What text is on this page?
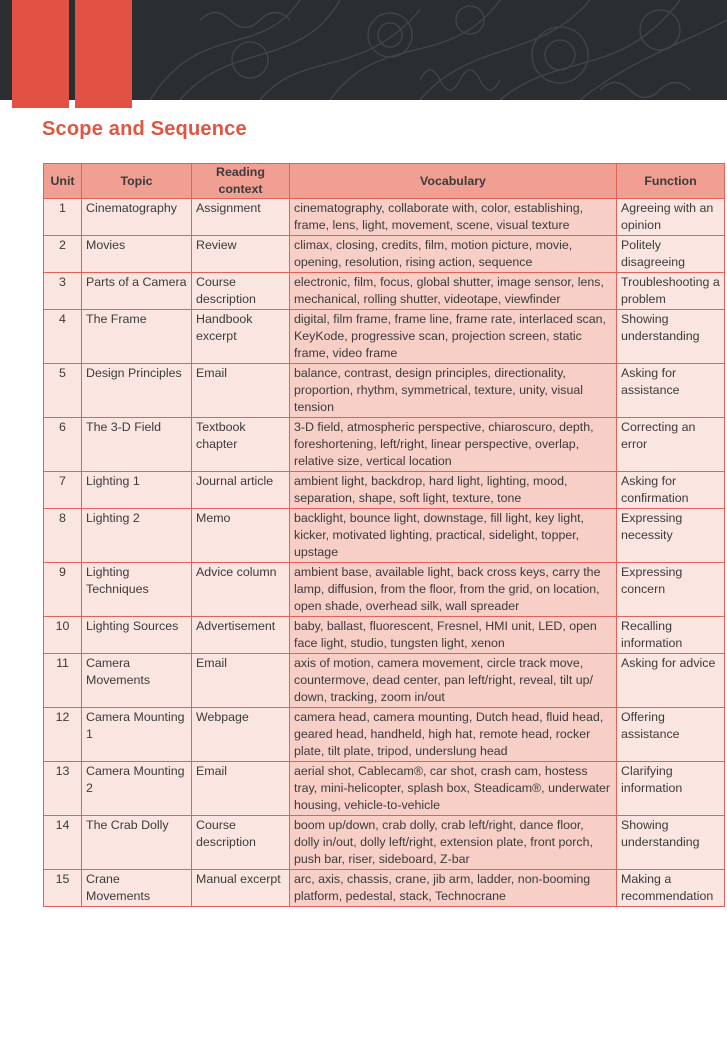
Scope and Sequence
Unit	Topic	Reading context	Vocabulary	Function
1	Cinematography	Assignment	cinematography, collaborate with, color, establishing, frame, lens, light, movement, scene, visual texture	Agreeing with an opinion
2	Movies	Review	climax, closing, credits, film, motion picture, movie, opening, resolution, rising action, sequence	Politely disagreeing
3	Parts of a Camera	Course description	electronic, film, focus, global shutter, image sensor, lens, mechanical, rolling shutter, videotape, viewfinder	Troubleshooting a problem
4	The Frame	Handbook excerpt	digital, film frame, frame line, frame rate, interlaced scan, KeyKode, progressive scan, projection screen, static frame, video frame	Showing understanding
5	Design Principles	Email	balance, contrast, design principles, directionality, proportion, rhythm, symmetrical, texture, unity, visual tension	Asking for assistance
6	The 3-D Field	Textbook chapter	3-D field, atmospheric perspective, chiaroscuro, depth, foreshortening, left/right, linear perspective, overlap, relative size, vertical location	Correcting an error
7	Lighting 1	Journal article	ambient light, backdrop, hard light, lighting, mood, separation, shape, soft light, texture, tone	Asking for confirmation
8	Lighting 2	Memo	backlight, bounce light, downstage, fill light, key light, kicker, motivated lighting, practical, sidelight, topper, upstage	Expressing necessity
9	Lighting Techniques	Advice column	ambient base, available light, back cross keys, carry the lamp, diffusion, from the floor, from the grid, on location, open shade, overhead silk, wall spreader	Expressing concern
10	Lighting Sources	Advertisement	baby, ballast, fluorescent, Fresnel, HMI unit, LED, open face light, studio, tungsten light, xenon	Recalling information
11	Camera Movements	Email	axis of motion, camera movement, circle track move, countermove, dead center, pan left/right, reveal, tilt up/ down, tracking, zoom in/out	Asking for advice
12	Camera Mounting 1	Webpage	camera head, camera mounting, Dutch head, fluid head, geared head, handheld, high hat, remote head, rocker plate, tilt plate, tripod, underslung head	Offering assistance
13	Camera Mounting 2	Email	aerial shot, Cablecam®, car shot, crash cam, hostess tray, mini-helicopter, splash box, Steadicam®, underwater housing, vehicle-to-vehicle	Clarifying information
14	The Crab Dolly	Course description	boom up/down, crab dolly, crab left/right, dance floor, dolly in/out, dolly left/right, extension plate, front porch, push bar, riser, sideboard, Z-bar	Showing understanding
15	Crane Movements	Manual excerpt	arc, axis, chassis, crane, jib arm, ladder, non-booming platform, pedestal, stack, Technocrane	Making a recommendation
